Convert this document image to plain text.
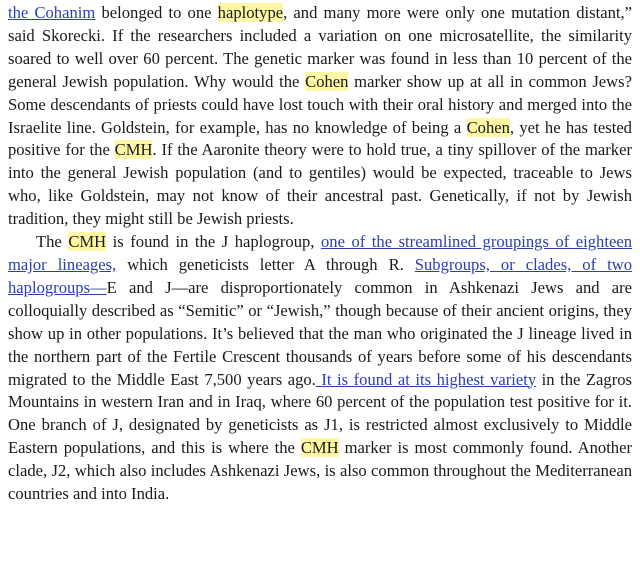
the Cohanim belonged to one haplotype, and many more were only one mutation distant,” said Skorecki. If the researchers included a variation on one microsatellite, the similarity soared to well over 60 percent. The genetic marker was found in less than 10 percent of the general Jewish population. Why would the Cohen marker show up at all in common Jews? Some descendants of priests could have lost touch with their oral history and merged into the Israelite line. Goldstein, for example, has no knowledge of being a Cohen, yet he has tested positive for the CMH. If the Aaronite theory were to hold true, a tiny spillover of the marker into the general Jewish population (and to gentiles) would be expected, traceable to Jews who, like Goldstein, may not know of their ancestral past. Genetically, if not by Jewish tradition, they might still be Jewish priests.

The CMH is found in the J haplogroup, one of the streamlined groupings of eighteen major lineages, which geneticists letter A through R. Subgroups, or clades, of two haplogroups—E and J—are disproportionately common in Ashkenazi Jews and are colloquially described as “Semitic” or “Jewish,” though because of their ancient origins, they show up in other populations. It’s believed that the man who originated the J lineage lived in the northern part of the Fertile Crescent thousands of years before some of his descendants migrated to the Middle East 7,500 years ago. It is found at its highest variety in the Zagros Mountains in western Iran and in Iraq, where 60 percent of the population test positive for it. One branch of J, designated by geneticists as J1, is restricted almost exclusively to Middle Eastern populations, and this is where the CMH marker is most commonly found. Another clade, J2, which also includes Ashkenazi Jews, is also common throughout the Mediterranean countries and into India.
